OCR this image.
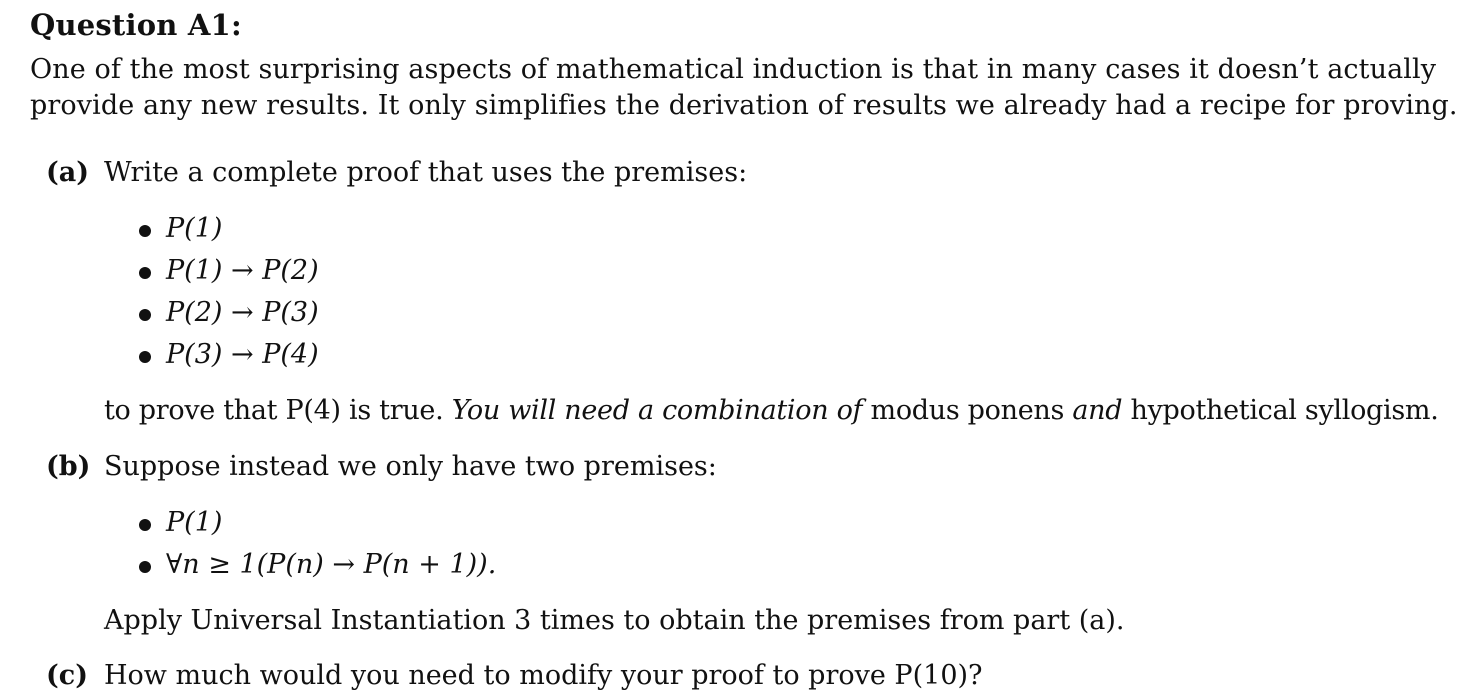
Question A1:
One of the most surprising aspects of mathematical induction is that in many cases it doesn’t actually
provide any new results. It only simplifies the derivation of results we already had a recipe for proving.
(a) Write a complete proof that uses the premises:
P(1)
P(1) → P(2)
P(2) → P(3)
P(3) → P(4)
to prove that P(4) is true. You will need a combination of modus ponens and hypothetical syllogism.
(b) Suppose instead we only have two premises:
P(1)
∀n ≥ 1(P(n) → P(n + 1)).
Apply Universal Instantiation 3 times to obtain the premises from part (a).
(c) How much would you need to modify your proof to prove P(10)?
